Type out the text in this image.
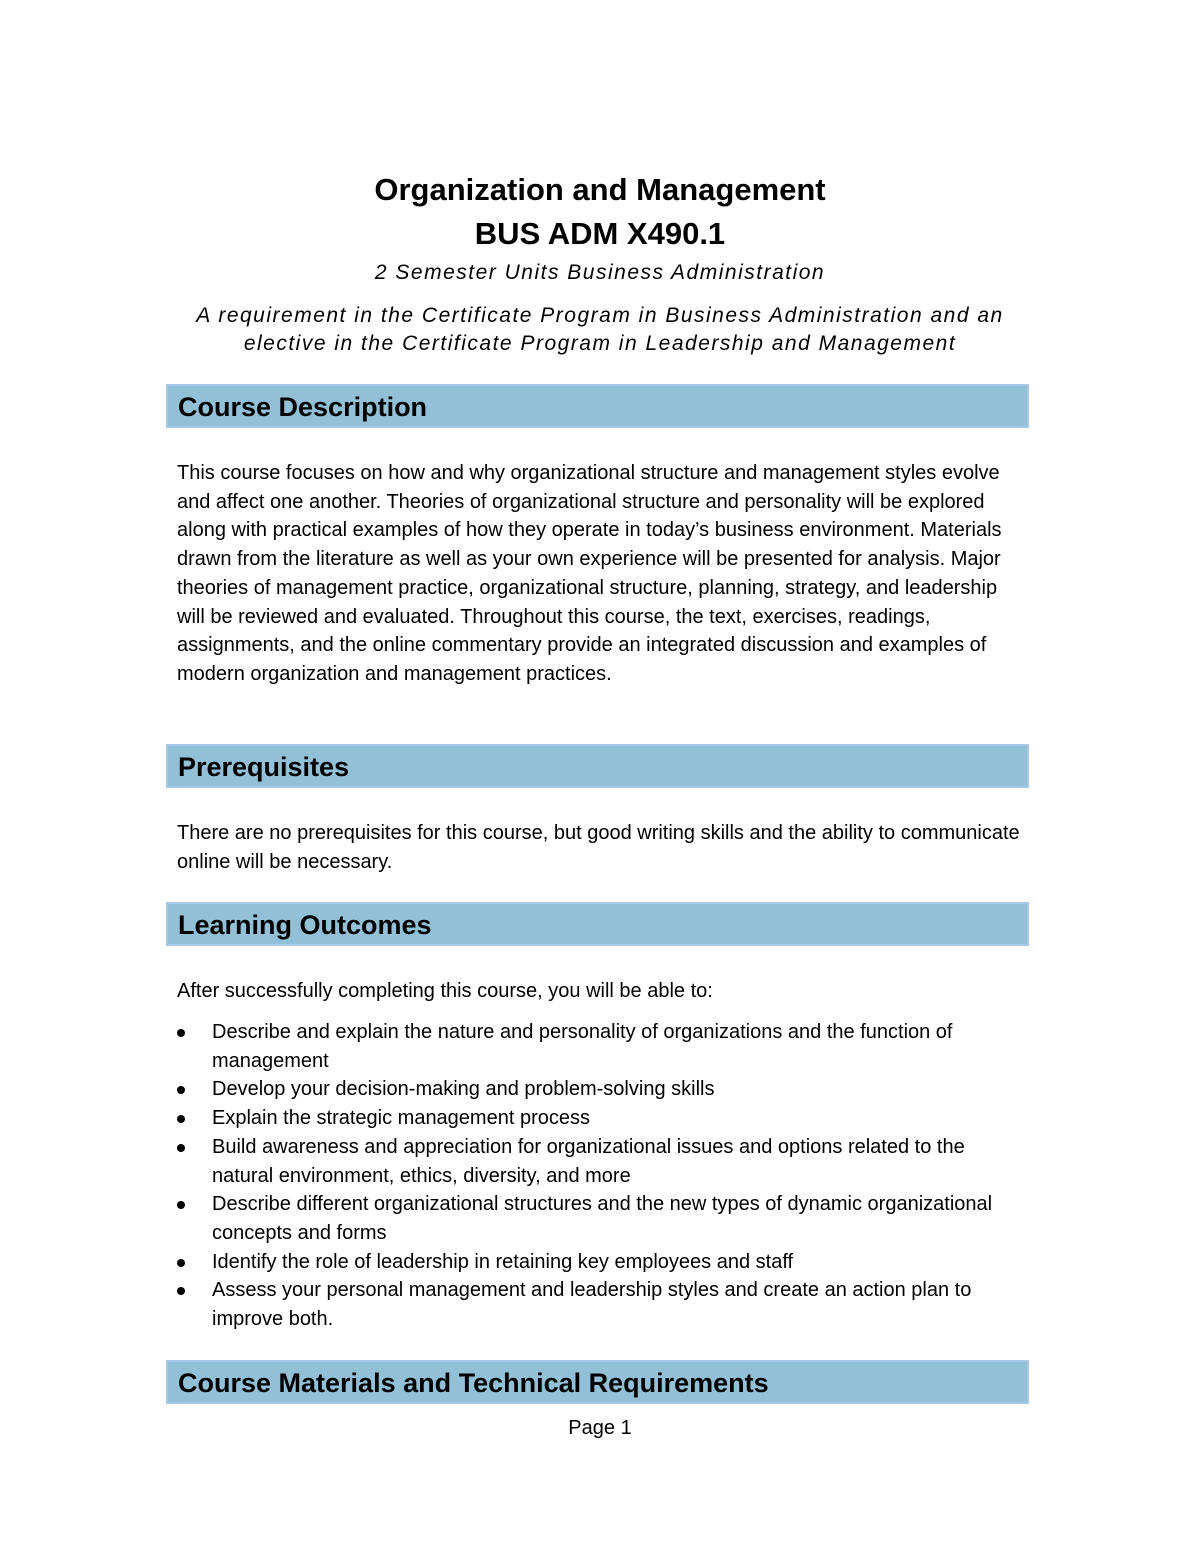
Organization and Management
BUS ADM X490.1

2 Semester Units Business Administration

A requirement in the Certificate Program in Business Administration and an elective in the Certificate Program in Leadership and Management

Course Description

This course focuses on how and why organizational structure and management styles evolve and affect one another. Theories of organizational structure and personality will be explored along with practical examples of how they operate in today’s business environment. Materials drawn from the literature as well as your own experience will be presented for analysis. Major theories of management practice, organizational structure, planning, strategy, and leadership will be reviewed and evaluated. Throughout this course, the text, exercises, readings, assignments, and the online commentary provide an integrated discussion and examples of modern organization and management practices.

Prerequisites

There are no prerequisites for this course, but good writing skills and the ability to communicate online will be necessary.

Learning Outcomes

After successfully completing this course, you will be able to:

Describe and explain the nature and personality of organizations and the function of management
Develop your decision-making and problem-solving skills
Explain the strategic management process
Build awareness and appreciation for organizational issues and options related to the natural environment, ethics, diversity, and more
Describe different organizational structures and the new types of dynamic organizational concepts and forms
Identify the role of leadership in retaining key employees and staff
Assess your personal management and leadership styles and create an action plan to improve both.
Course Materials and Technical Requirements
Page 1
